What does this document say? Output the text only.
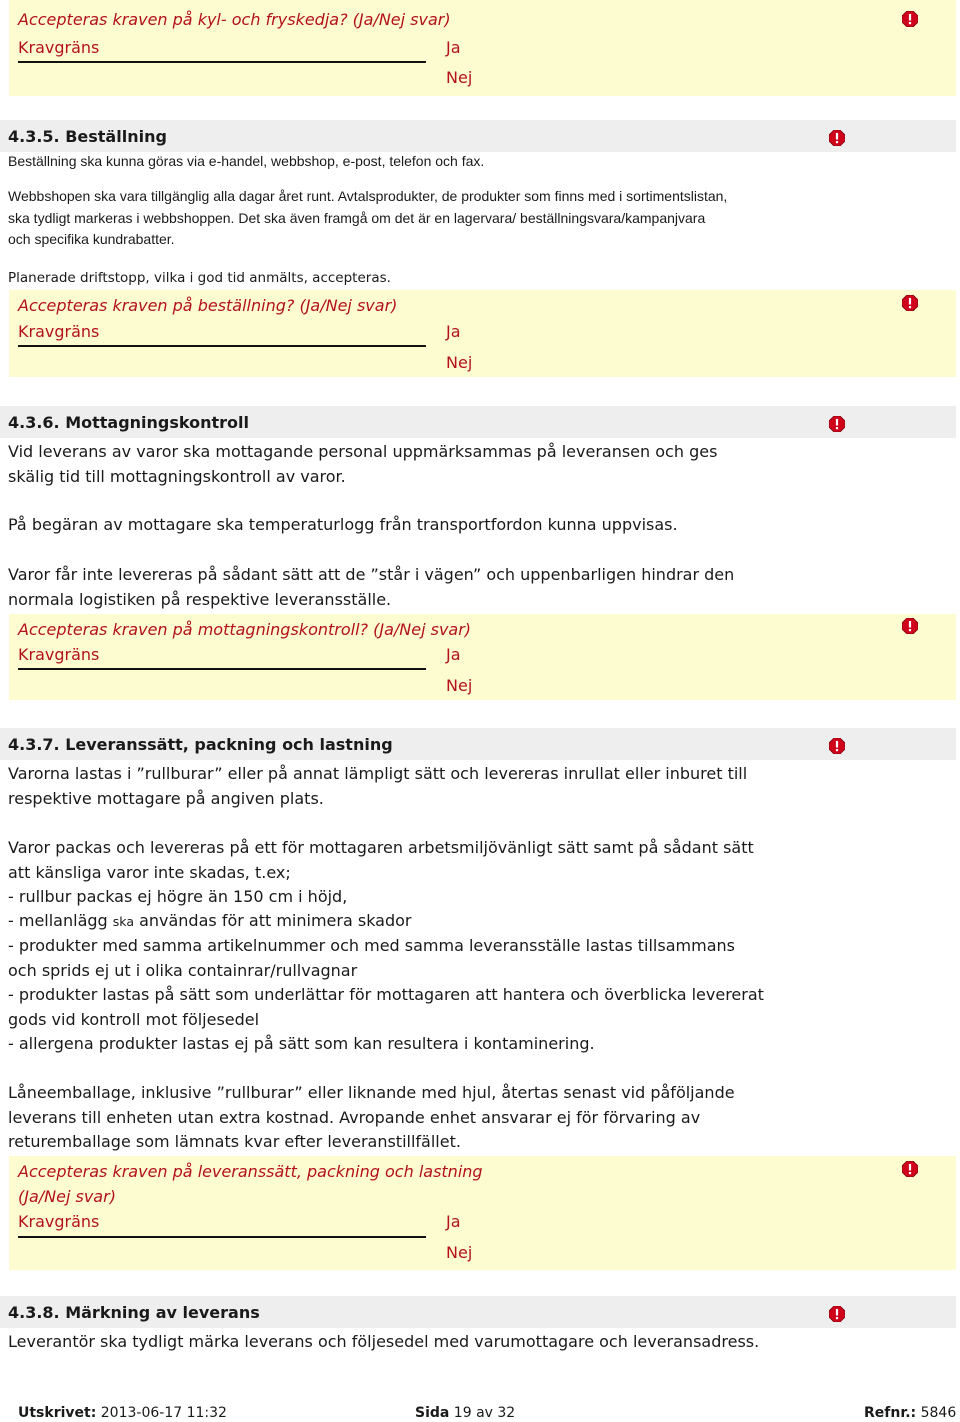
Accepteras kraven på kyl- och fryskedja? (Ja/Nej svar)
Kravgräns	Ja
Nej
4.3.5. Beställning
Beställning ska kunna göras via e-handel, webbshop, e-post, telefon och fax.
Webbshopen ska vara tillgänglig alla dagar året runt. Avtalsprodukter, de produkter som finns med i sortimentslistan, ska tydligt markeras i webbshoppen. Det ska även framgå om det är en lagervara/ beställningsvara/kampanjvara och specifika kundrabatter.
Planerade driftstopp, vilka i god tid anmälts, accepteras.
Accepteras kraven på beställning? (Ja/Nej svar)
Kravgräns	Ja
Nej
4.3.6. Mottagningskontroll
Vid leverans av varor ska mottagande personal uppmärksammas på leveransen och ges skälig tid till mottagningskontroll av varor.
På begäran av mottagare ska temperaturlogg från transportfordon kunna uppvisas.
Varor får inte levereras på sådant sätt att de ”står i vägen” och uppenbarligen hindrar den normala logistiken på respektive leveransställe.
Accepteras kraven på mottagningskontroll? (Ja/Nej svar)
Kravgräns	Ja
Nej
4.3.7. Leveranssätt, packning och lastning
Varorna lastas i ”rullburar” eller på annat lämpligt sätt och levereras inrullat eller inburet till respektive mottagare på angiven plats.
Varor packas och levereras på ett för mottagaren arbetsmiljövänligt sätt samt på sådant sätt att känsliga varor inte skadas, t.ex;
- rullbur packas ej högre än 150 cm i höjd,
- mellanlägg ska användas för att minimera skador
- produkter med samma artikelnummer och med samma leveransställe lastas tillsammans och sprids ej ut i olika containrar/rullvagnar
- produkter lastas på sätt som underlättar för mottagaren att hantera och överblicka levererat gods vid kontroll mot följesedel
- allergena produkter lastas ej på sätt som kan resultera i kontaminering.
Låneemballage, inklusive ”rullburar” eller liknande med hjul, återtas senast vid påföljande leverans till enheten utan extra kostnad. Avropande enhet ansvarar ej för förvaring av returemballage som lämnats kvar efter leveranstillfället.
Accepteras kraven på leveranssätt, packning och lastning (Ja/Nej svar)
Kravgräns	Ja
Nej
4.3.8. Märkning av leverans
Leverantör ska tydligt märka leverans och följesedel med varumottagare och leveransadress.
Utskrivet: 2013-06-17 11:32	Sida 19 av 32	Refnr.: 5846
